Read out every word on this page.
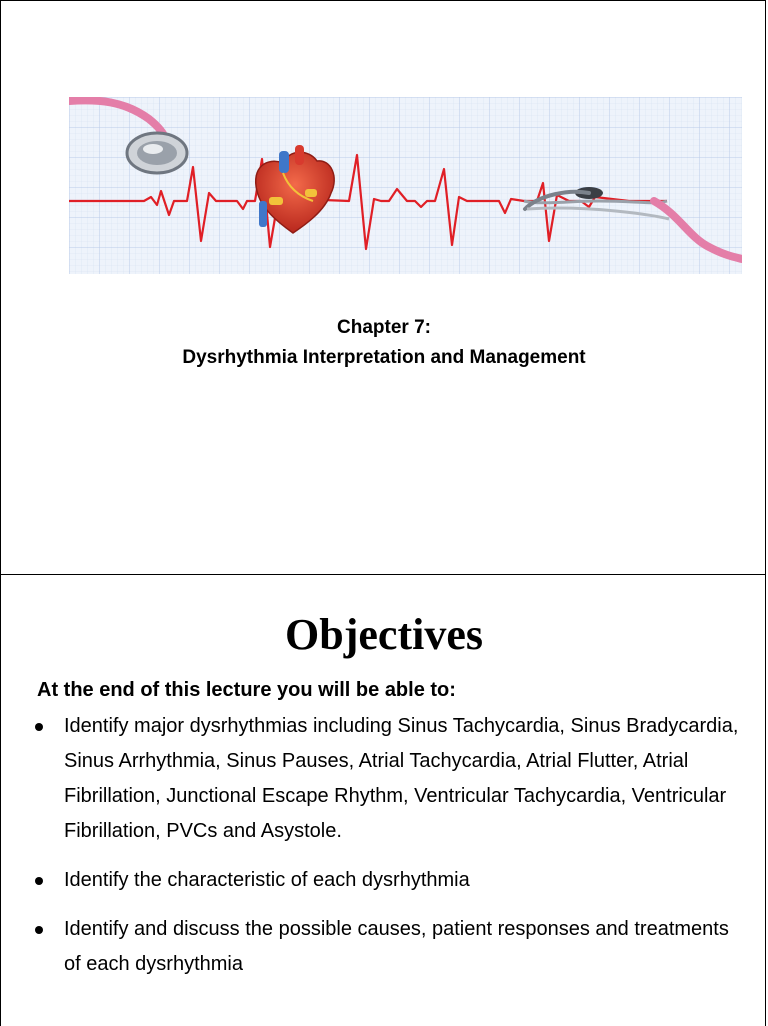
Chapter 7:
Dysrhythmia Interpretation and Management
Objectives
At the end of this lecture you will be able to:
Identify major dysrhythmias including Sinus Tachycardia, Sinus Bradycardia, Sinus Arrhythmia, Sinus Pauses, Atrial Tachycardia, Atrial Flutter, Atrial Fibrillation, Junctional Escape Rhythm, Ventricular Tachycardia, Ventricular Fibrillation, PVCs and Asystole.
Identify the characteristic of each dysrhythmia
Identify and discuss the possible causes, patient responses and treatments of each dysrhythmia
